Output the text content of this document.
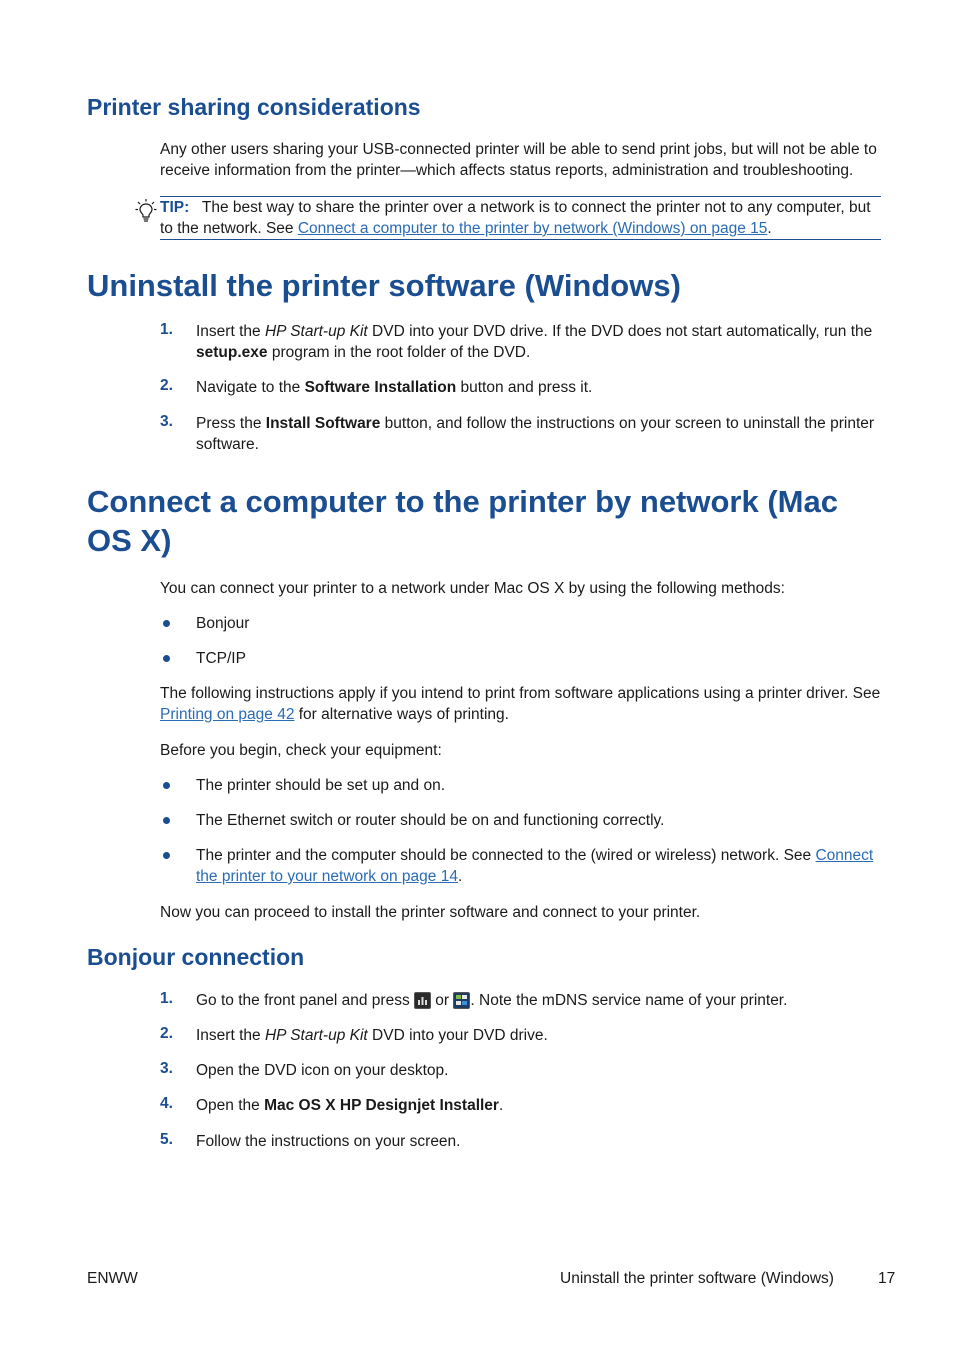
Printer sharing considerations

Any other users sharing your USB-connected printer will be able to send print jobs, but will not be able to receive information from the printer—which affects status reports, administration and troubleshooting.

TIP: The best way to share the printer over a network is to connect the printer not to any computer, but to the network. See Connect a computer to the printer by network (Windows) on page 15.
Uninstall the printer software (Windows)
1. Insert the HP Start-up Kit DVD into your DVD drive. If the DVD does not start automatically, run the setup.exe program in the root folder of the DVD.
2. Navigate to the Software Installation button and press it.
3. Press the Install Software button, and follow the instructions on your screen to uninstall the printer software.
Connect a computer to the printer by network (Mac OS X)

You can connect your printer to a network under Mac OS X by using the following methods:

Bonjour
TCP/IP

The following instructions apply if you intend to print from software applications using a printer driver. See Printing on page 42 for alternative ways of printing.

Before you begin, check your equipment:

The printer should be set up and on.
The Ethernet switch or router should be on and functioning correctly.
The printer and the computer should be connected to the (wired or wireless) network. See Connect the printer to your network on page 14.

Now you can proceed to install the printer software and connect to your printer.

Bonjour connection
1. Go to the front panel and press  or . Note the mDNS service name of your printer.
2. Insert the HP Start-up Kit DVD into your DVD drive.
3. Open the DVD icon on your desktop.
4. Open the Mac OS X HP Designjet Installer.
5. Follow the instructions on your screen.
ENWW	Uninstall the printer software (Windows)	17
